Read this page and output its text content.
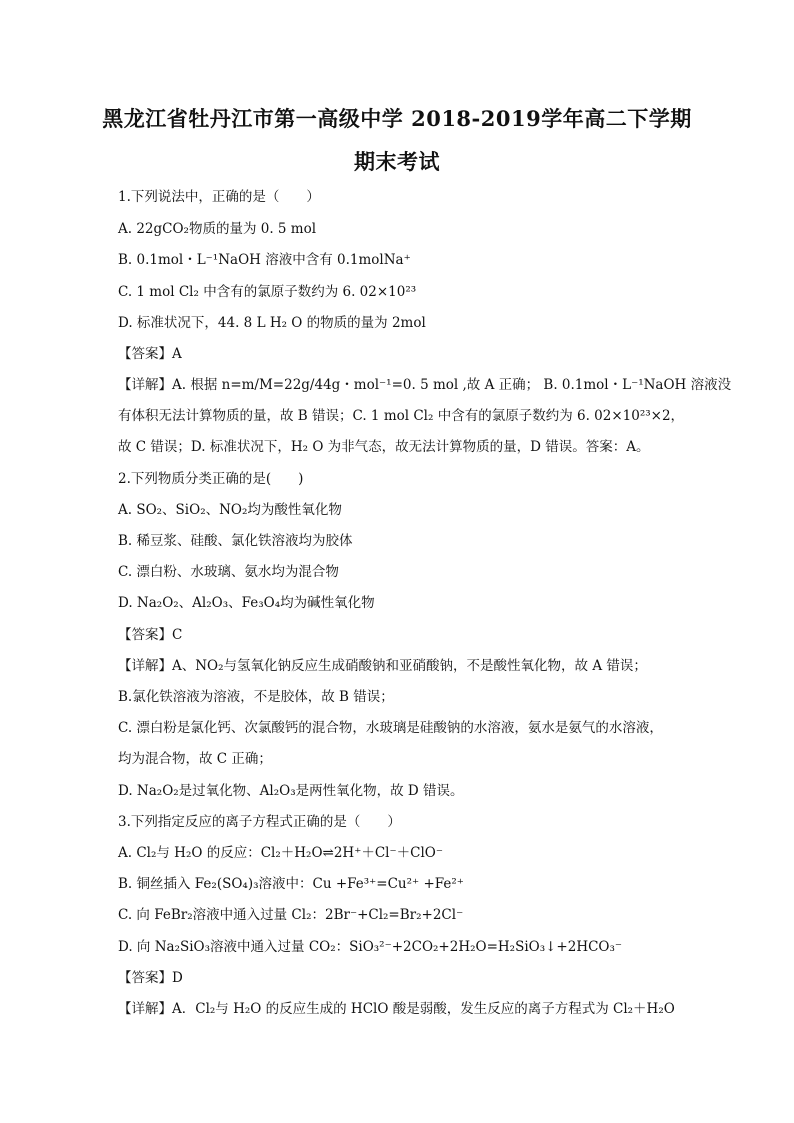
黑龙江省牡丹江市第一高级中学 2018-2019学年高二下学期
期末考试
1.下列说法中，正确的是（　　）
A. 22gCO₂物质的量为 0. 5 mol
B. 0.1mol・L⁻¹NaOH 溶液中含有 0.1molNa⁺
C. 1 mol Cl₂ 中含有的氯原子数约为 6. 02×10²³
D. 标准状况下，44. 8 L H₂ O 的物质的量为 2mol
【答案】A
【详解】A. 根据 n=m/M=22g/44g・mol⁻¹=0. 5 mol ,故 A 正确； B. 0.1mol・L⁻¹NaOH 溶液没
有体积无法计算物质的量，故 B 错误；C. 1 mol Cl₂ 中含有的氯原子数约为 6. 02×10²³×2，
故 C 错误；D. 标准状况下，H₂ O 为非气态，故无法计算物质的量，D 错误。答案：A。
2.下列物质分类正确的是(　　)
A. SO₂、SiO₂、NO₂均为酸性氧化物
B. 稀豆浆、硅酸、氯化铁溶液均为胶体
C. 漂白粉、水玻璃、氨水均为混合物
D. Na₂O₂、Al₂O₃、Fe₃O₄均为碱性氧化物
【答案】C
【详解】A、NO₂与氢氧化钠反应生成硝酸钠和亚硝酸钠，不是酸性氧化物，故 A 错误；
B.氯化铁溶液为溶液，不是胶体，故 B 错误；
C. 漂白粉是氯化钙、次氯酸钙的混合物，水玻璃是硅酸钠的水溶液，氨水是氨气的水溶液，
均为混合物，故 C 正确；
D. Na₂O₂是过氧化物、Al₂O₃是两性氧化物，故 D 错误。
3.下列指定反应的离子方程式正确的是（　　）
A. Cl₂与 H₂O 的反应：Cl₂＋H₂O⇌2H⁺＋Cl⁻＋ClO⁻
B. 铜丝插入 Fe₂(SO₄)₃溶液中：Cu +Fe³⁺=Cu²⁺ +Fe²⁺
C. 向 FeBr₂溶液中通入过量 Cl₂：2Br⁻+Cl₂=Br₂+2Cl⁻
D. 向 Na₂SiO₃溶液中通入过量 CO₂：SiO₃²⁻+2CO₂+2H₂O=H₂SiO₃↓+2HCO₃⁻
【答案】D
【详解】A．Cl₂与 H₂O 的反应生成的 HClO 酸是弱酸，发生反应的离子方程式为 Cl₂＋H₂O
